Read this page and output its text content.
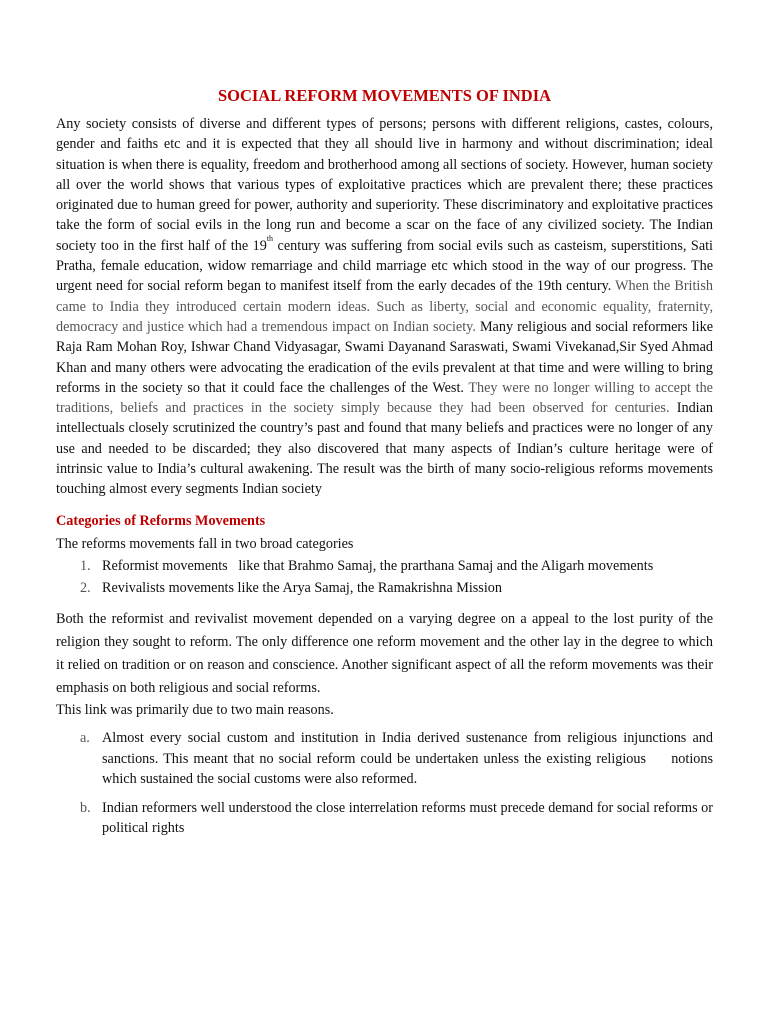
SOCIAL REFORM MOVEMENTS OF INDIA

Any society consists of diverse and different types of persons; persons with different religions, castes, colours, gender and faiths etc and it is expected that they all should live in harmony and without discrimination; ideal situation is when there is equality, freedom and brotherhood among all sections of society. However, human society all over the world shows that various types of exploitative practices which are prevalent there; these practices originated due to human greed for power, authority and superiority. These discriminatory and exploitative practices take the form of social evils in the long run and become a scar on the face of any civilized society. The Indian society too in the first half of the 19th century was suffering from social evils such as casteism, superstitions, Sati Pratha, female education, widow remarriage and child marriage etc which stood in the way of our progress. The urgent need for social reform began to manifest itself from the early decades of the 19th century. When the British came to India they introduced certain modern ideas. Such as liberty, social and economic equality, fraternity, democracy and justice which had a tremendous impact on Indian society. Many religious and social reformers like Raja Ram Mohan Roy, Ishwar Chand Vidyasagar, Swami Dayanand Saraswati, Swami Vivekanad,Sir Syed Ahmad Khan and many others were advocating the eradication of the evils prevalent at that time and were willing to bring reforms in the society so that it could face the challenges of the West. They were no longer willing to accept the traditions, beliefs and practices in the society simply because they had been observed for centuries. Indian intellectuals closely scrutinized the country’s past and found that many beliefs and practices were no longer of any use and needed to be discarded; they also discovered that many aspects of Indian’s culture heritage were of intrinsic value to India’s cultural awakening. The result was the birth of many socio-religious reforms movements touching almost every segments Indian society

Categories of Reforms Movements

The reforms movements fall in two broad categories

1. Reformist movements   like that Brahmo Samaj, the prarthana Samaj and the Aligarh movements
2. Revivalists movements like the Arya Samaj, the Ramakrishna Mission

Both the reformist and revivalist movement depended on a varying degree on a appeal to the lost purity of the religion they sought to reform. The only difference one reform movement and the other lay in the degree to which it relied on tradition or on reason and conscience. Another significant aspect of all the reform movements was their emphasis on both religious and social reforms.

This link was primarily due to two main reasons.

a. Almost every social custom and institution in India derived sustenance from religious injunctions and sanctions. This meant that no social reform could be undertaken unless the existing religious     notions which sustained the social customs were also reformed.
b. Indian reformers well understood the close interrelation reforms must precede demand for social reforms or political rights
